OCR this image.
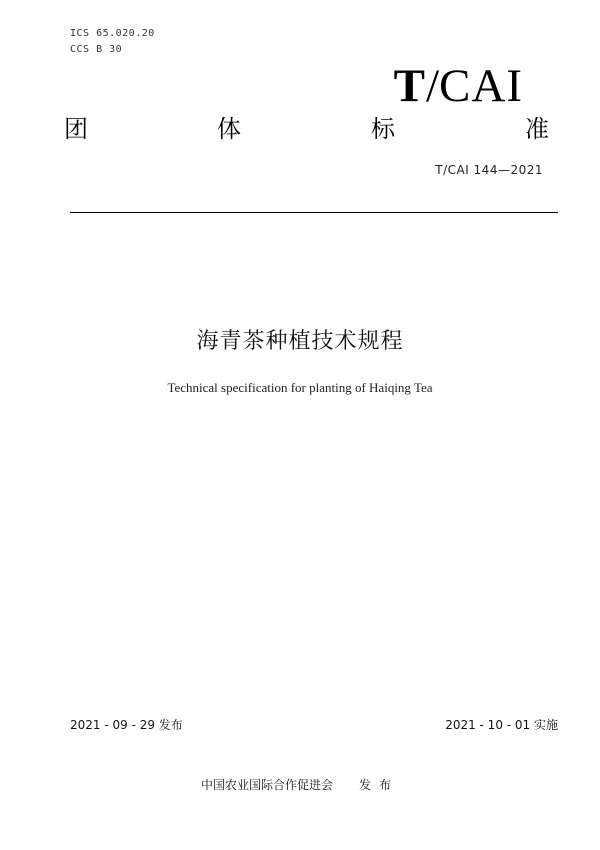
ICS 65.020.20
CCS B 30
T/CAI
团	体	标	准
T/CAI 144—2021
海青茶种植技术规程
Technical specification for planting of Haiqing Tea
2021 - 09 - 29 发布	2021 - 10 - 01 实施
中国农业国际合作促进会 发布
